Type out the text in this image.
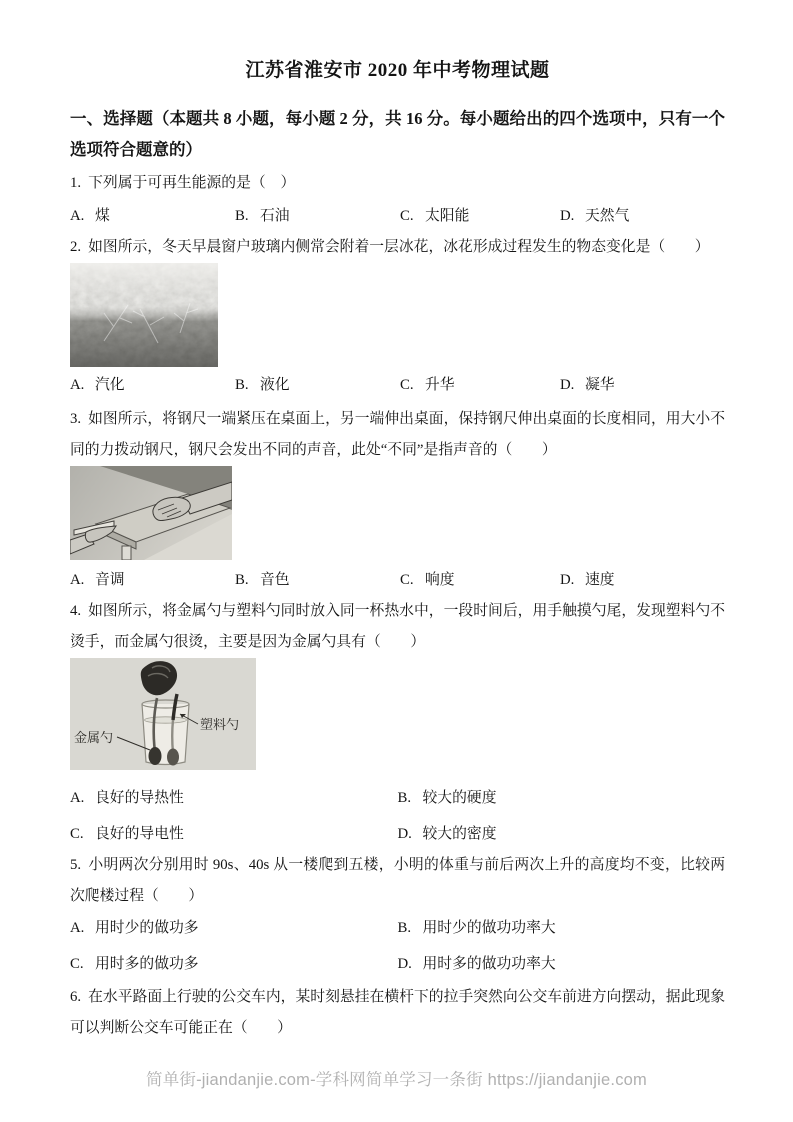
江苏省淮安市 2020 年中考物理试题
一、选择题（本题共 8 小题，每小题 2 分，共 16 分。每小题给出的四个选项中，只有一个选项符合题意的）

1. 下列属于可再生能源的是（　）

A. 煤	B. 石油	C. 太阳能	D. 天然气

2. 如图所示，冬天早晨窗户玻璃内侧常会附着一层冰花，冰花形成过程发生的物态变化是（　　）

A. 汽化	B. 液化	C. 升华	D. 凝华

3. 如图所示，将钢尺一端紧压在桌面上，另一端伸出桌面，保持钢尺伸出桌面的长度相同，用大小不同的力拨动钢尺，钢尺会发出不同的声音，此处“不同”是指声音的（　　）

A. 音调	B. 音色	C. 响度	D. 速度

4. 如图所示，将金属勺与塑料勺同时放入同一杯热水中，一段时间后，用手触摸勺尾，发现塑料勺不烫手，而金属勺很烫，主要是因为金属勺具有（　　）

金属勺
塑料勺
A. 良好的导热性	B. 较大的硬度
C. 良好的导电性	D. 较大的密度

5. 小明两次分别用时 90s、40s 从一楼爬到五楼，小明的体重与前后两次上升的高度均不变，比较两次爬楼过程（　　）

A. 用时少的做功多	B. 用时少的做功功率大
C. 用时多的做功多	D. 用时多的做功功率大

6. 在水平路面上行驶的公交车内，某时刻悬挂在横杆下的拉手突然向公交车前进方向摆动，据此现象可以判断公交车可能正在（　　）

简单街-jiandanjie.com-学科网简单学习一条街 https://jiandanjie.com
